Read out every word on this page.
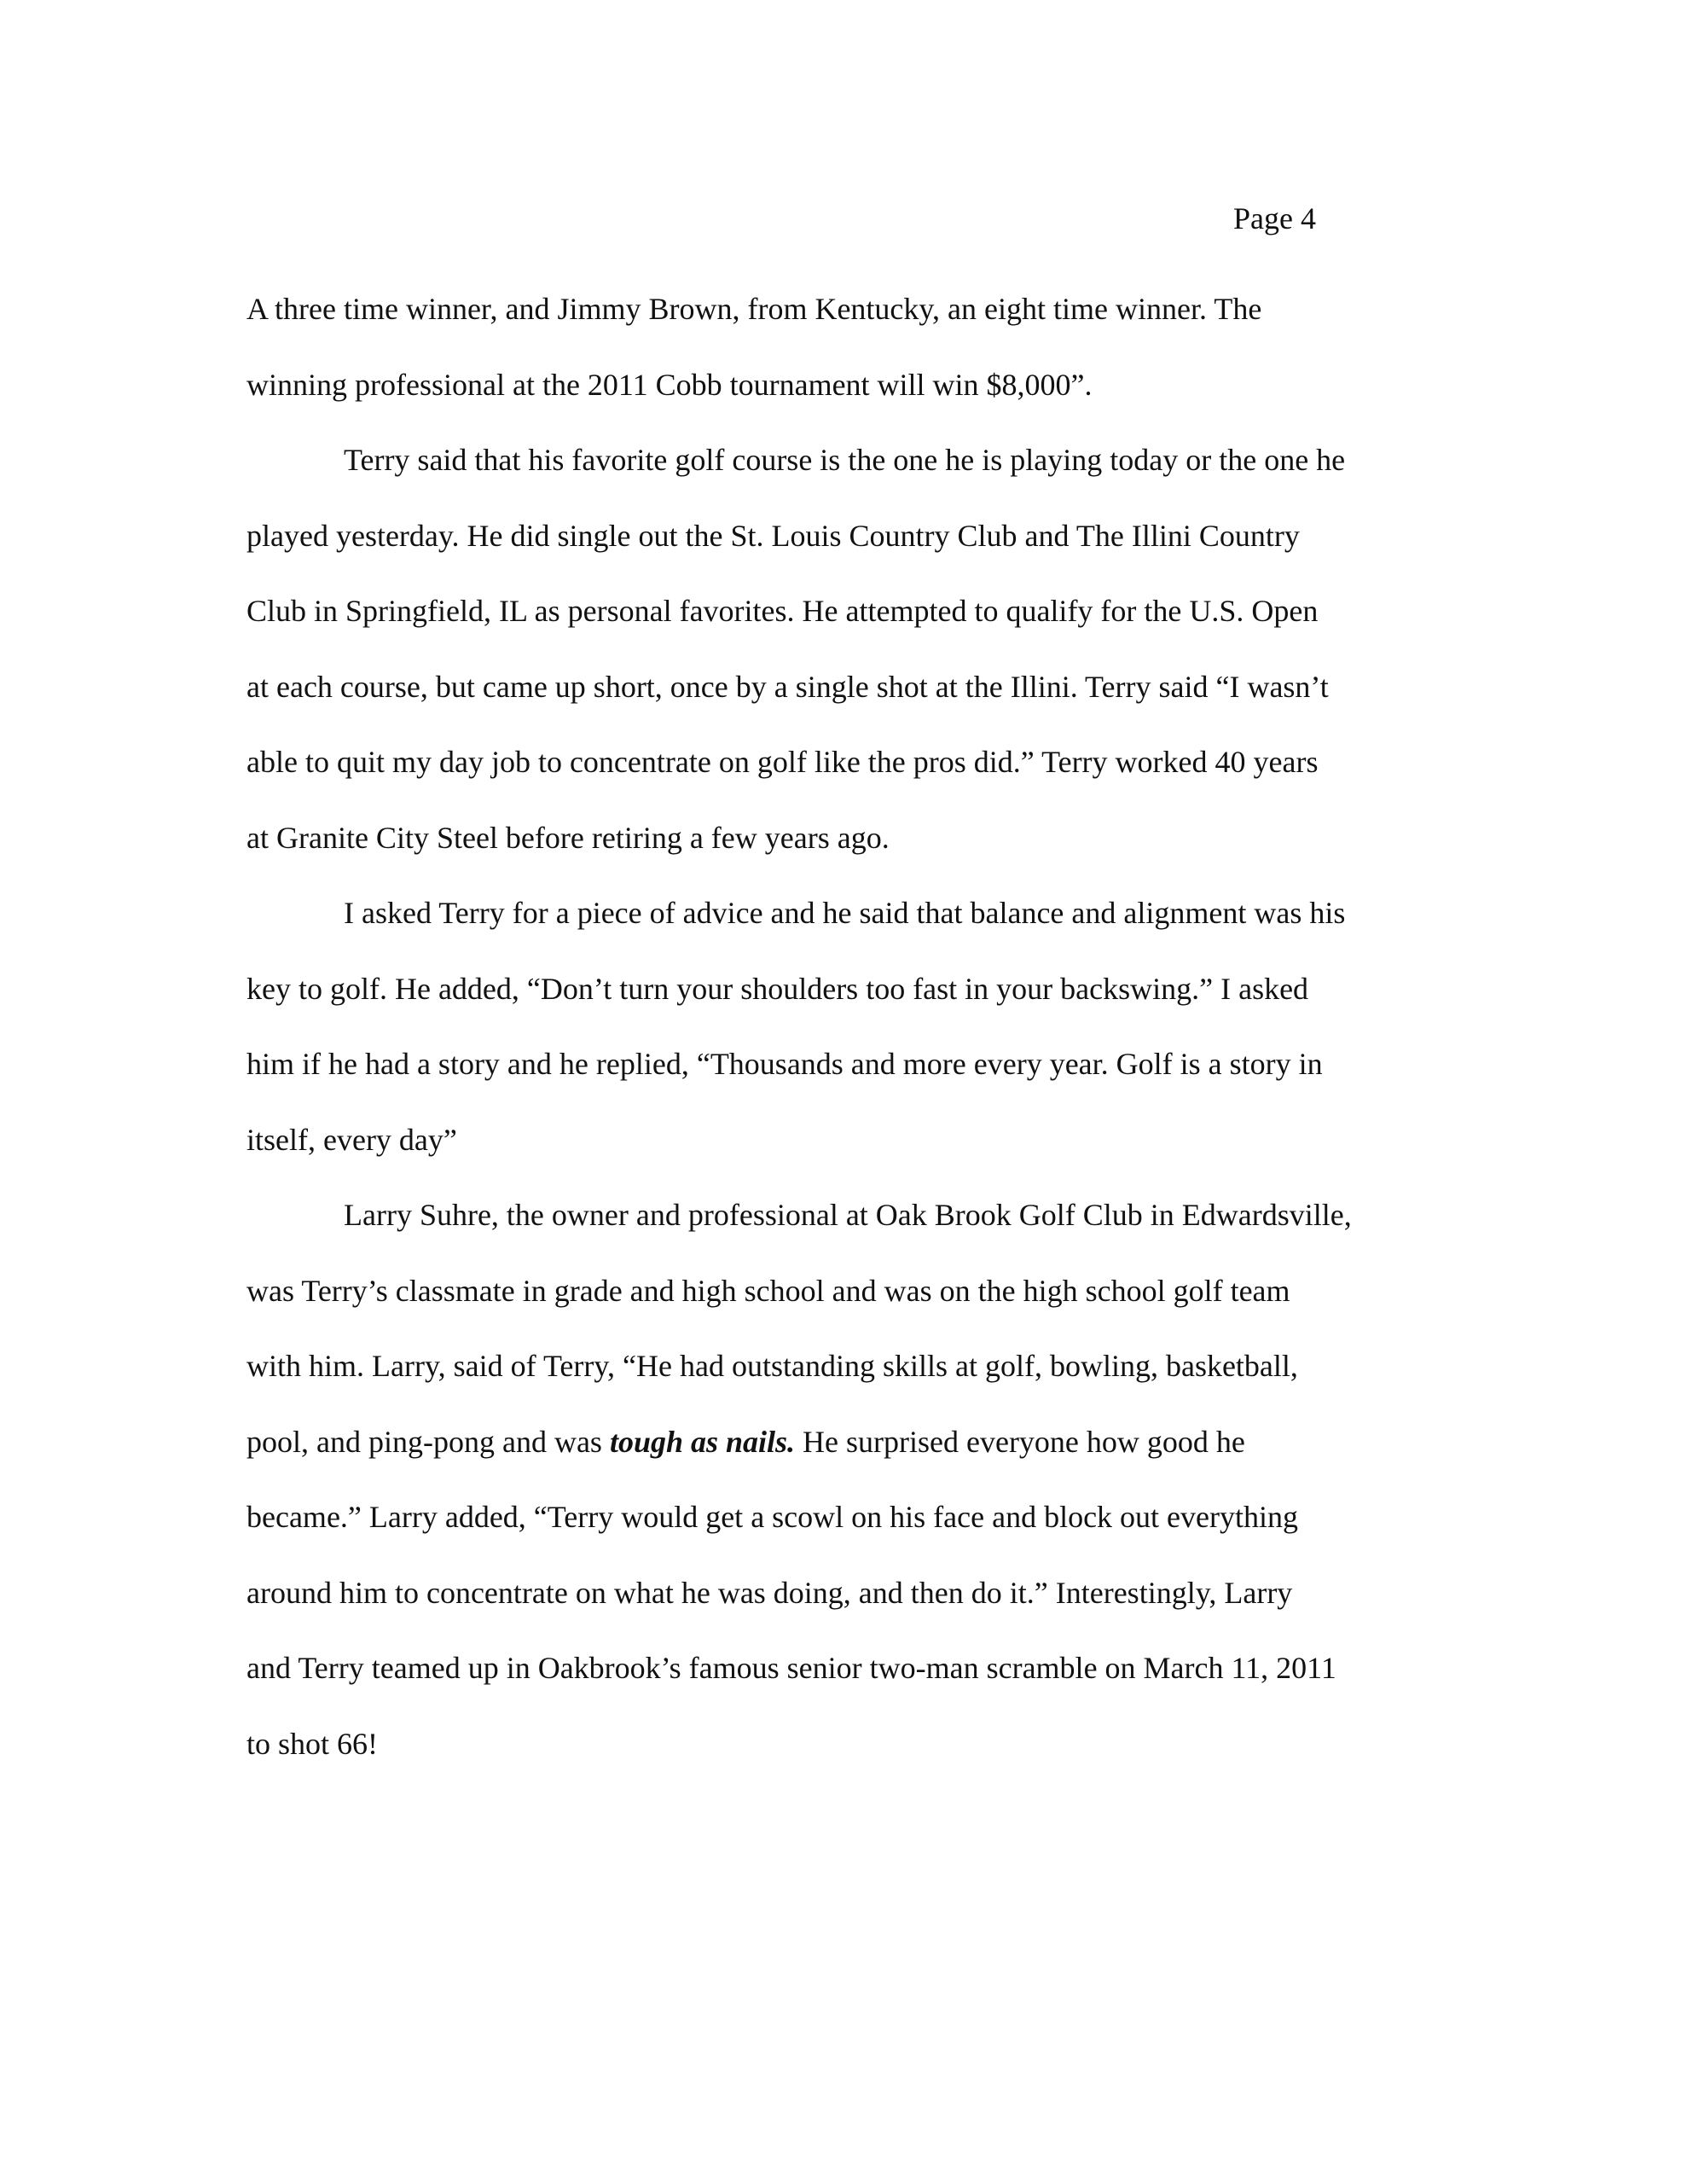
Page 4
A three time winner, and Jimmy Brown, from Kentucky, an eight time winner. The
winning professional at the 2011 Cobb tournament will win $8,000”.
Terry said that his favorite golf course is the one he is playing today or the one he
played yesterday. He did single out the St. Louis Country Club and The Illini Country
Club in Springfield, IL as personal favorites. He attempted to qualify for the U.S. Open
at each course, but came up short, once by a single shot at the Illini. Terry said “I wasn’t
able to quit my day job to concentrate on golf like the pros did.” Terry worked 40 years
at Granite City Steel before retiring a few years ago.
I asked Terry for a piece of advice and he said that balance and alignment was his
key to golf. He added, “Don’t turn your shoulders too fast in your backswing.” I asked
him if he had a story and he replied, “Thousands and more every year. Golf is a story in
itself, every day”
Larry Suhre, the owner and professional at Oak Brook Golf Club in Edwardsville,
was Terry’s classmate in grade and high school and was on the high school golf team
with him. Larry, said of Terry, “He had outstanding skills at golf, bowling, basketball,
pool, and ping-pong and was tough as nails. He surprised everyone how good he
became.” Larry added, “Terry would get a scowl on his face and block out everything
around him to concentrate on what he was doing, and then do it.” Interestingly, Larry
and Terry teamed up in Oakbrook’s famous senior two-man scramble on March 11, 2011
to shot 66!
